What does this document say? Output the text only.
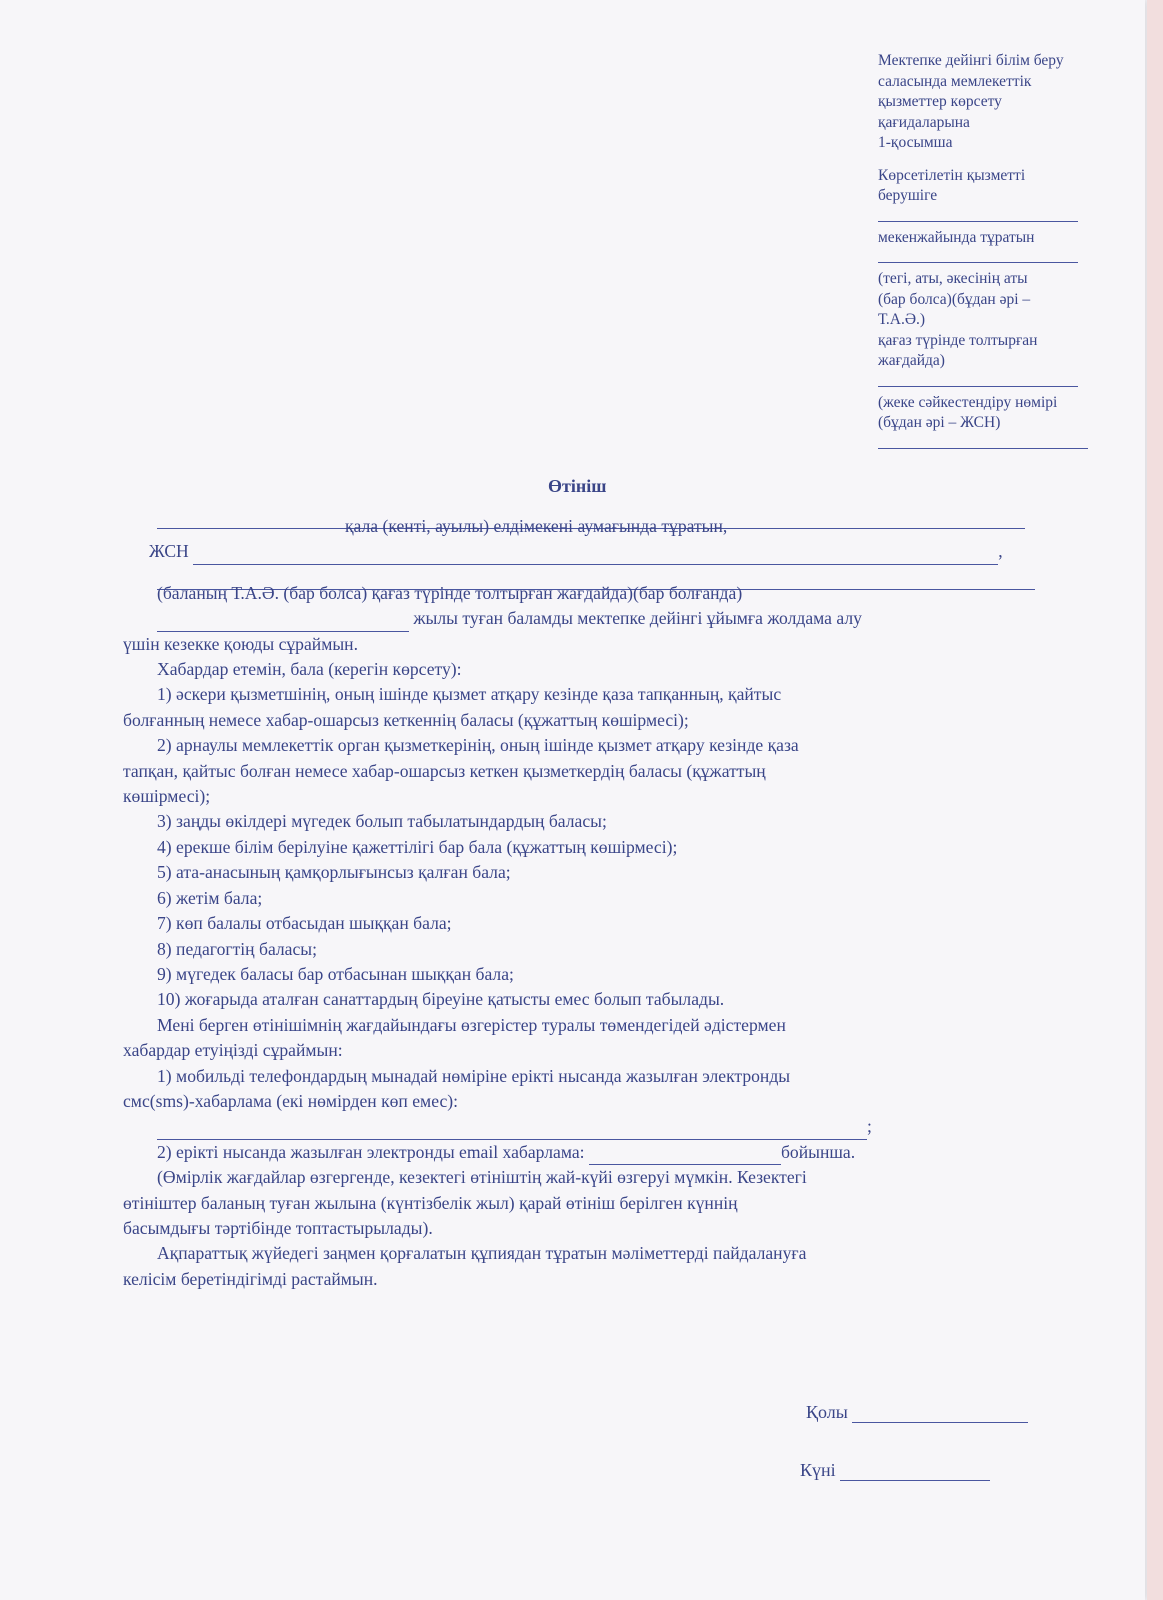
Мектепке дейінгі білім беру
саласында мемлекеттік
қызметтер көрсету
қағидаларына
1-қосымша
Көрсетілетін қызметті
берушіге
мекенжайында тұратын
(тегі, аты, әкесінің аты
(бар болса)(бұдан әрі –
Т.А.Ә.)
қағаз түрінде толтырған
жағдайда)
(жеке сәйкестендіру нөмірі
(бұдан әрі – ЖСН)
Өтініш
қала (кенті, ауылы) елдімекені аумағында тұратын,
ЖСН	,
(баланың Т.А.Ә. (бар болса) қағаз түрінде толтырған жағдайда)(бар болғанда)
жылы туған баламды мектепке дейінгі ұйымға жолдама алу
үшін кезекке қоюды сұраймын.
Хабардар етемін, бала (керегін көрсету):
1) әскери қызметшінің, оның ішінде қызмет атқару кезінде қаза тапқанның, қайтыс
болғанның немесе хабар-ошарсыз кеткеннің баласы (құжаттың көшірмесі);
2) арнаулы мемлекеттік орган қызметкерінің, оның ішінде қызмет атқару кезінде қаза
тапқан, қайтыс болған немесе хабар-ошарсыз кеткен қызметкердің баласы (құжаттың
көшірмесі);
3) заңды өкілдері мүгедек болып табылатындардың баласы;
4) ерекше білім берілуіне қажеттілігі бар бала (құжаттың көшірмесі);
5) ата-анасының қамқорлығынсыз қалған бала;
6) жетім бала;
7) көп балалы отбасыдан шыққан бала;
8) педагогтің баласы;
9) мүгедек баласы бар отбасынан шыққан бала;
10) жоғарыда аталған санаттардың біреуіне қатысты емес болып табылады.
Мені берген өтінішімнің жағдайындағы өзгерістер туралы төмендегідей әдістермен
хабардар етуіңізді сұраймын:
1) мобильді телефондардың мынадай нөміріне ерікті нысанда жазылған электронды
смс(sms)-хабарлама (екі нөмірден көп емес):
;
2) ерікті нысанда жазылған электронды email хабарлама:	бойынша.
(Өмірлік жағдайлар өзгергенде, кезектегі өтініштің жай-күйі өзгеруі мүмкін. Кезектегі
өтініштер баланың туған жылына (күнтізбелік жыл) қарай өтініш берілген күннің
басымдығы тәртібінде топтастырылады).
Ақпараттық жүйедегі заңмен қорғалатын құпиядан тұратын мәліметтерді пайдалануға
келісім беретіндігімді растаймын.
Қолы
Күні
